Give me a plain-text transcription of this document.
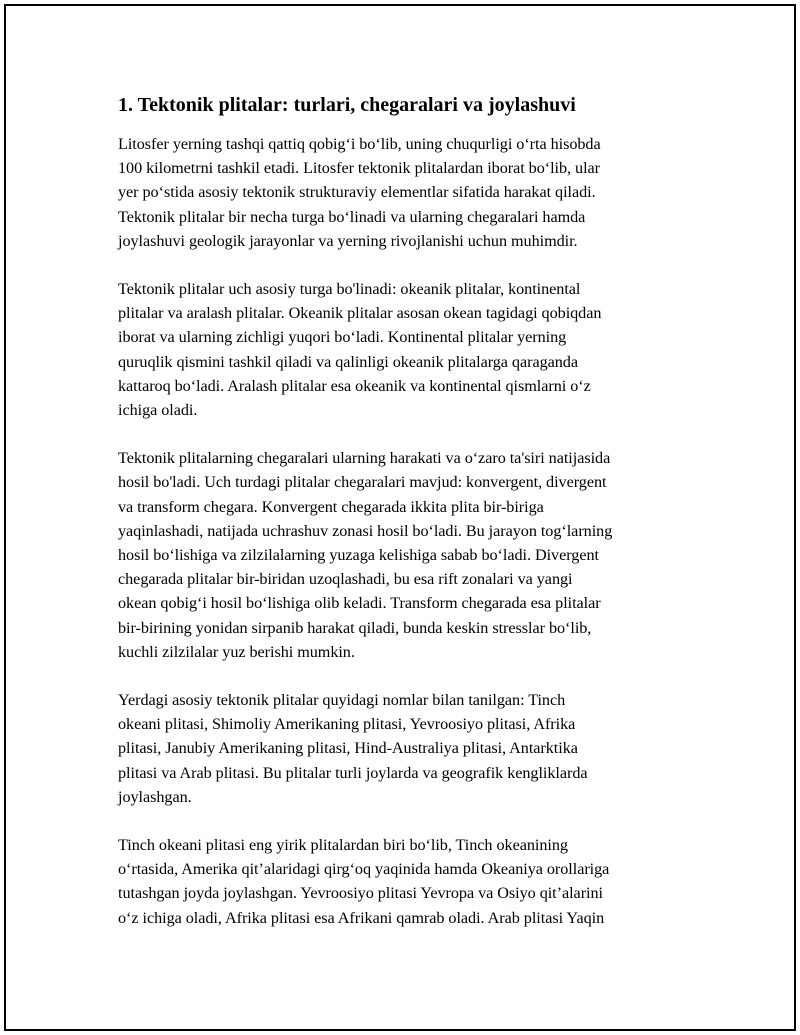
1. Tektonik plitalar: turlari, chegaralari va joylashuvi

Litosfer yerning tashqi qattiq qobig‘i bo‘lib, uning chuqurligi o‘rta hisobda
100 kilometrni tashkil etadi. Litosfer tektonik plitalardan iborat bo‘lib, ular
yer po‘stida asosiy tektonik strukturaviy elementlar sifatida harakat qiladi.
Tektonik plitalar bir necha turga bo‘linadi va ularning chegaralari hamda
joylashuvi geologik jarayonlar va yerning rivojlanishi uchun muhimdir.

Tektonik plitalar uch asosiy turga bo'linadi: okeanik plitalar, kontinental
plitalar va aralash plitalar. Okeanik plitalar asosan okean tagidagi qobiqdan
iborat va ularning zichligi yuqori bo‘ladi. Kontinental plitalar yerning
quruqlik qismini tashkil qiladi va qalinligi okeanik plitalarga qaraganda
kattaroq bo‘ladi. Aralash plitalar esa okeanik va kontinental qismlarni o‘z
ichiga oladi.

Tektonik plitalarning chegaralari ularning harakati va o‘zaro ta'siri natijasida
hosil bo'ladi. Uch turdagi plitalar chegaralari mavjud: konvergent, divergent
va transform chegara. Konvergent chegarada ikkita plita bir-biriga
yaqinlashadi, natijada uchrashuv zonasi hosil bo‘ladi. Bu jarayon tog‘larning
hosil bo‘lishiga va zilzilalarning yuzaga kelishiga sabab bo‘ladi. Divergent
chegarada plitalar bir-biridan uzoqlashadi, bu esa rift zonalari va yangi
okean qobig‘i hosil bo‘lishiga olib keladi. Transform chegarada esa plitalar
bir-birining yonidan sirpanib harakat qiladi, bunda keskin stresslar bo‘lib,
kuchli zilzilalar yuz berishi mumkin.

Yerdagi asosiy tektonik plitalar quyidagi nomlar bilan tanilgan: Tinch
okeani plitasi, Shimoliy Amerikaning plitasi, Yevroosiyo plitasi, Afrika
plitasi, Janubiy Amerikaning plitasi, Hind-Australiya plitasi, Antarktika
plitasi va Arab plitasi. Bu plitalar turli joylarda va geografik kengliklarda
joylashgan.

Tinch okeani plitasi eng yirik plitalardan biri bo‘lib, Tinch okeanining
o‘rtasida, Amerika qit’alaridagi qirg‘oq yaqinida hamda Okeaniya orollariga
tutashgan joyda joylashgan. Yevroosiyo plitasi Yevropa va Osiyo qit’alarini
o‘z ichiga oladi, Afrika plitasi esa Afrikani qamrab oladi. Arab plitasi Yaqin
